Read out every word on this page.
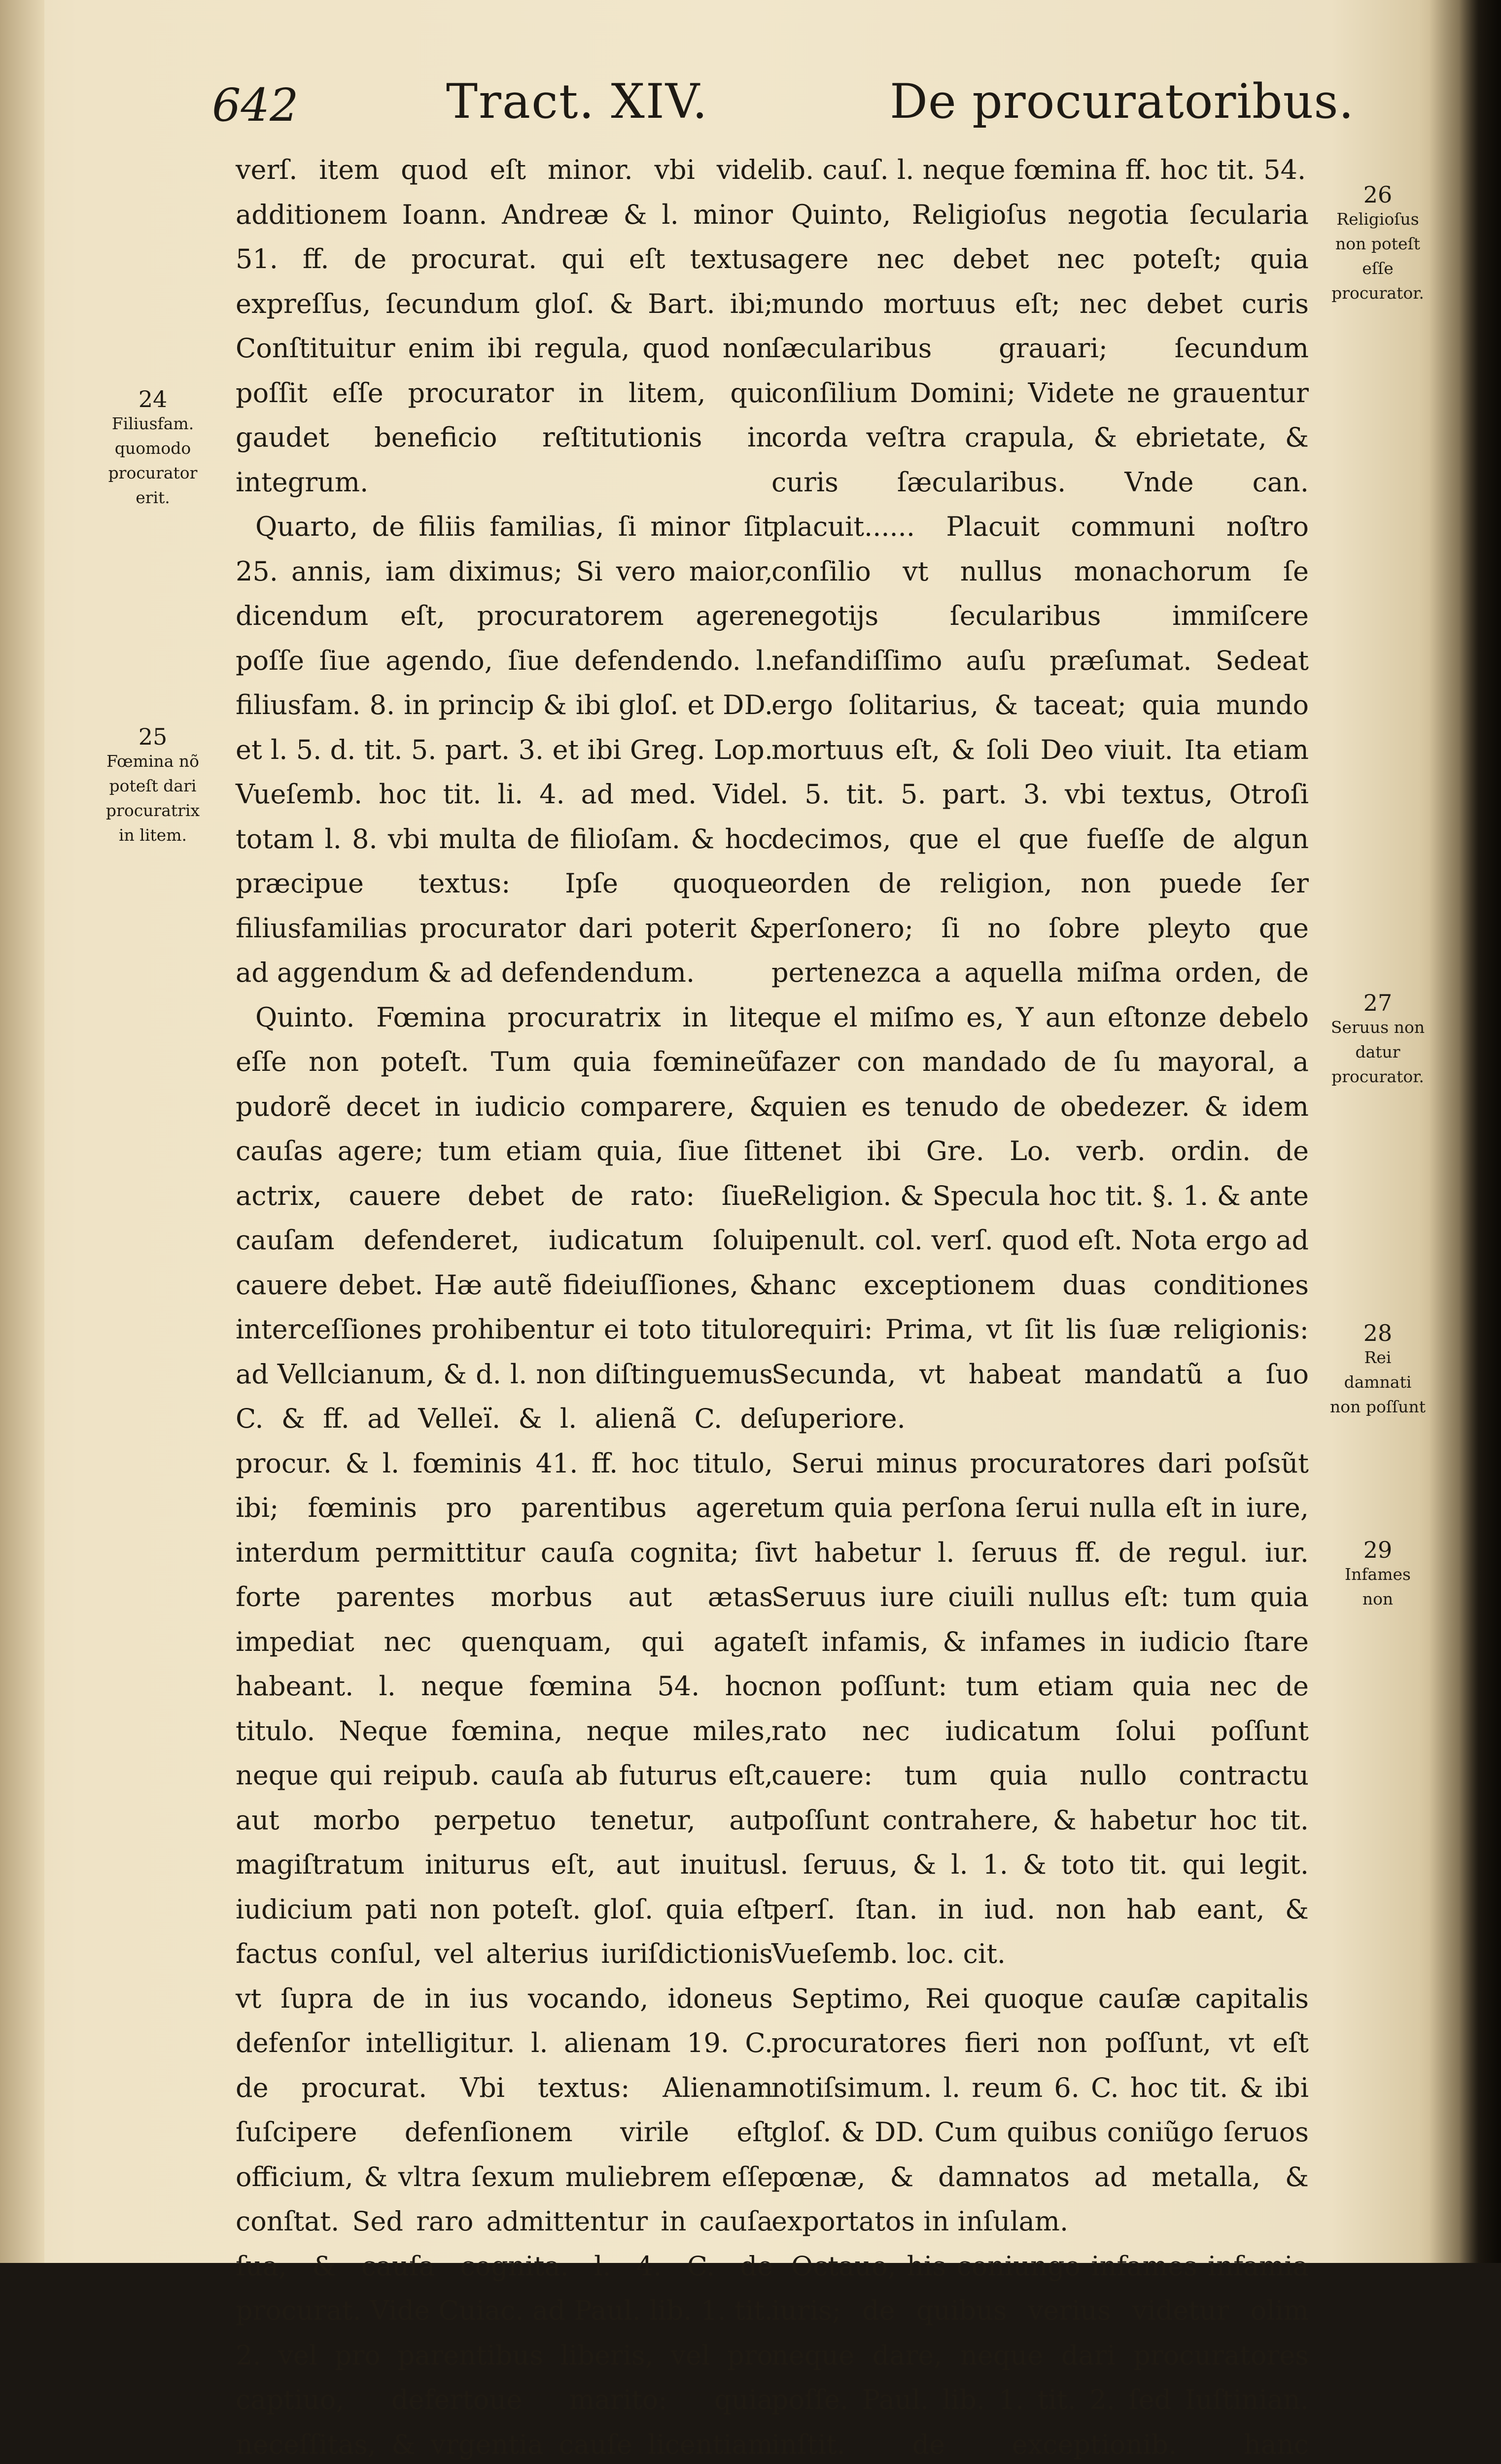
642	Tract. XIV.	De procuratoribus.

verſ. item quod eſt minor. vbi vide additionem Ioann. Andreæ & l. minor 51. ff. de procurat. qui eſt textus expreſſus, ſecundum gloſ. & Bart. ibi; Conſtituitur enim ibi regula, quod non poſſit eſſe procurator in litem, qui gaudet beneficio reſtitutionis in integrum.

Quarto, de filiis familias, ſi minor ſit 25. annis, iam diximus; Si vero maior, dicendum eſt, procuratorem agere poſſe ſiue agendo, ſiue defendendo. l. filiusfam. 8. in princip & ibi gloſ. et DD. et l. 5. d. tit. 5. part. 3. et ibi Greg. Lop. Vueſemb. hoc tit. li. 4. ad med. Vide totam l. 8. vbi multa de filioſam. & hoc præcipue textus: Ipſe quoque filiusfamilias procurator dari poterit & ad aggendum & ad defendendum.

Quinto. Fœmina procuratrix in lite eſſe non poteſt. Tum quia fœmineũ pudorẽ decet in iudicio comparere, & cauſas agere; tum etiam quia, ſiue ſit actrix, cauere debet de rato: ſiue cauſam defenderet, iudicatum ſolui cauere debet. Hæ autẽ fideiuſſiones, & interceſſiones prohibentur ei toto titulo ad Vellcianum, & d. l. non diſtinguemus C. & ff. ad Velleï. & l. alienã C. de procur. & l. fœminis 41. ff. hoc titulo, ibi; fœminis pro parentibus agere interdum permittitur cauſa cognita; ſi forte parentes morbus aut ætas impediat nec quenquam, qui agat habeant. l. neque fœmina 54. hoc titulo. Neque fœmina, neque miles, neque qui reipub. cauſa ab futurus eſt, aut morbo perpetuo tenetur, aut magiſtratum initurus eſt, aut inuitus iudicium pati non poteſt. gloſ. quia eſt factus conſul, vel alterius iuriſdictionis vt ſupra de in ius vocando, idoneus defenſor intelligitur. l. alienam 19. C. de procurat. Vbi textus: Alienam ſuſcipere defenſionem virile eſt officium, & vltra ſexum muliebrem eſſe conſtat. Sed raro admittentur in cauſa ſua, & cauſa cognita. l. 4. C. de procurat. Vide Cuiac. ad Paul. lib. 1. tit. 2. vel pro parentibus liberis, vel pro captiuo, defertoue marito: quia neceſſitas, & vrgentia cauſe licentiam

lib. cauſ. l. neque fœmina ff. hoc tit. 54.

Quinto, Religioſus negotia ſecularia agere nec debet nec poteſt; quia mundo mortuus eſt; nec debet curis ſæcularibus grauari; ſecundum conſilium Domini; Videte ne grauentur corda veſtra crapula, & ebrietate, & curis ſæcularibus. Vnde can. placuit...... Placuit communi noſtro conſilio vt nullus monachorum ſe negotijs ſecularibus immiſcere nefandiſſimo auſu præſumat. Sedeat ergo ſolitarius, & taceat; quia mundo mortuus eſt, & ſoli Deo viuit. Ita etiam l. 5. tit. 5. part. 3. vbi textus, Otroſi decimos, que el que fueſſe de algun orden de religion, non puede ſer perſonero; ſi no ſobre pleyto que pertenezca a aquella miſma orden, de que el miſmo es, Y aun eſtonze debelo fazer con mandado de ſu mayoral, a quien es tenudo de obedezer. & idem tenet ibi Gre. Lo. verb. ordin. de Religion. & Specula hoc tit. §. 1. & ante penult. col. verſ. quod eſt. Nota ergo ad hanc exceptionem duas conditiones requiri: Prima, vt ſit lis ſuæ religionis: Secunda, vt habeat mandatũ a ſuo ſuperiore.

Serui minus procuratores dari poſsũt tum quia perſona ſerui nulla eſt in iure, vt habetur l. ſeruus ff. de regul. iur. Seruus iure ciuili nullus eſt: tum quia eſt infamis, & infames in iudicio ſtare non poſſunt: tum etiam quia nec de rato nec iudicatum ſolui poſſunt cauere: tum quia nullo contractu poſſunt contrahere, & habetur hoc tit. l. ſeruus, & l. 1. & toto tit. qui legit. perſ. ſtan. in iud. non hab eant, & Vueſemb. loc. cit.

Septimo, Rei quoque cauſæ capitalis procuratores fieri non poſſunt, vt eſt notiſsimum. l. reum 6. C. hoc tit. & ibi gloſ. & DD. Cum quibus coniũgo ſeruos pœnæ, & damnatos ad metalla, & exportatos in inſulam.

Octauo, his coniungo infames infamia iuris; de quibus verius videtur olim neque dare, neque dari procuratores poſſe. Paul. lib. 1. tit. 2. ſed Iuſtinian. inſtit. de exceptionib. hanc

24
Filiusfam. quomodo procurator erit.
25
Fœmina nõ poteſt dari procuratrix in litem.
26
Religioſus non poteſt eſſe procurator.
27
Seruus non datur procurator.
28
Rei damnati non poſſunt
29
Infames non
